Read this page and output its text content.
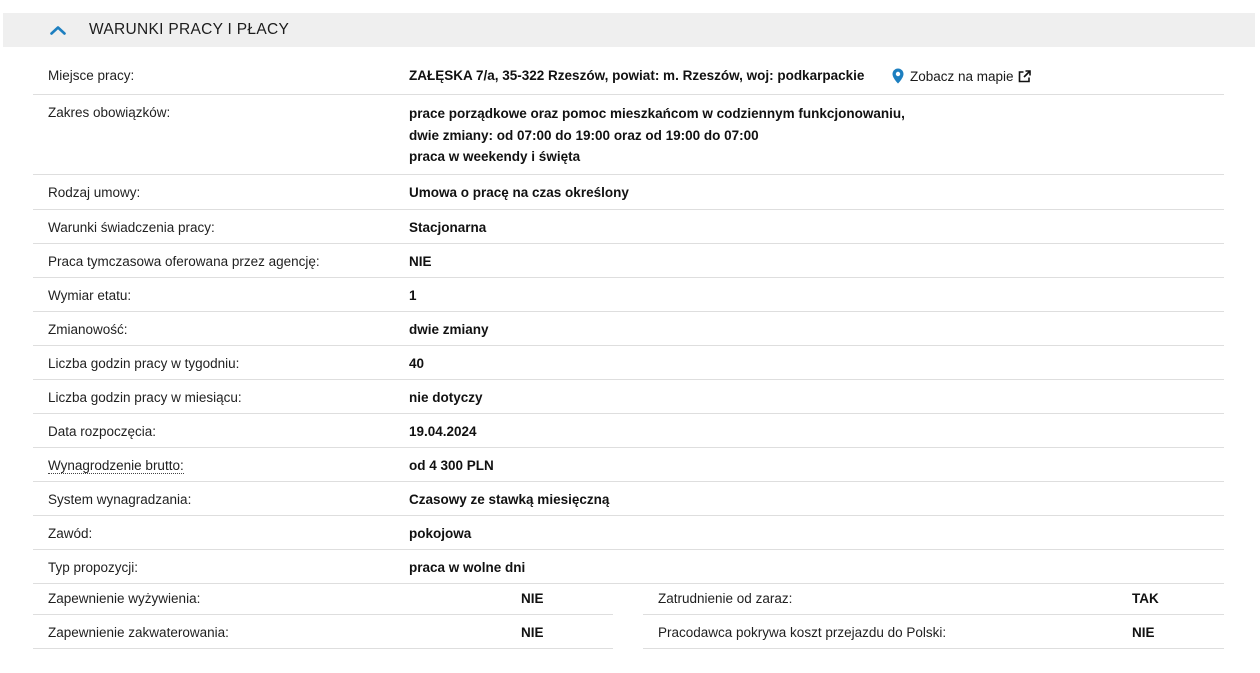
WARUNKI PRACY I PŁACY
Miejsce pracy:	ZAŁĘSKA 7/a, 35-322 Rzeszów, powiat: m. Rzeszów, woj: podkarpackie	Zobacz na mapie
Zakres obowiązków:	prace porządkowe oraz pomoc mieszkańcom w codziennym funkcjonowaniu,
dwie zmiany: od 07:00 do 19:00 oraz od 19:00 do 07:00
praca w weekendy i święta
Rodzaj umowy:	Umowa o pracę na czas określony
Warunki świadczenia pracy:	Stacjonarna
Praca tymczasowa oferowana przez agencję:	NIE
Wymiar etatu:	1
Zmianowość:	dwie zmiany
Liczba godzin pracy w tygodniu:	40
Liczba godzin pracy w miesiącu:	nie dotyczy
Data rozpoczęcia:	19.04.2024
Wynagrodzenie brutto:	od 4 300 PLN
System wynagradzania:	Czasowy ze stawką miesięczną
Zawód:	pokojowa
Typ propozycji:	praca w wolne dni
Zapewnienie wyżywienia:	NIE
Zapewnienie zakwaterowania:	NIE
Zatrudnienie od zaraz:	TAK
Pracodawca pokrywa koszt przejazdu do Polski:	NIE
